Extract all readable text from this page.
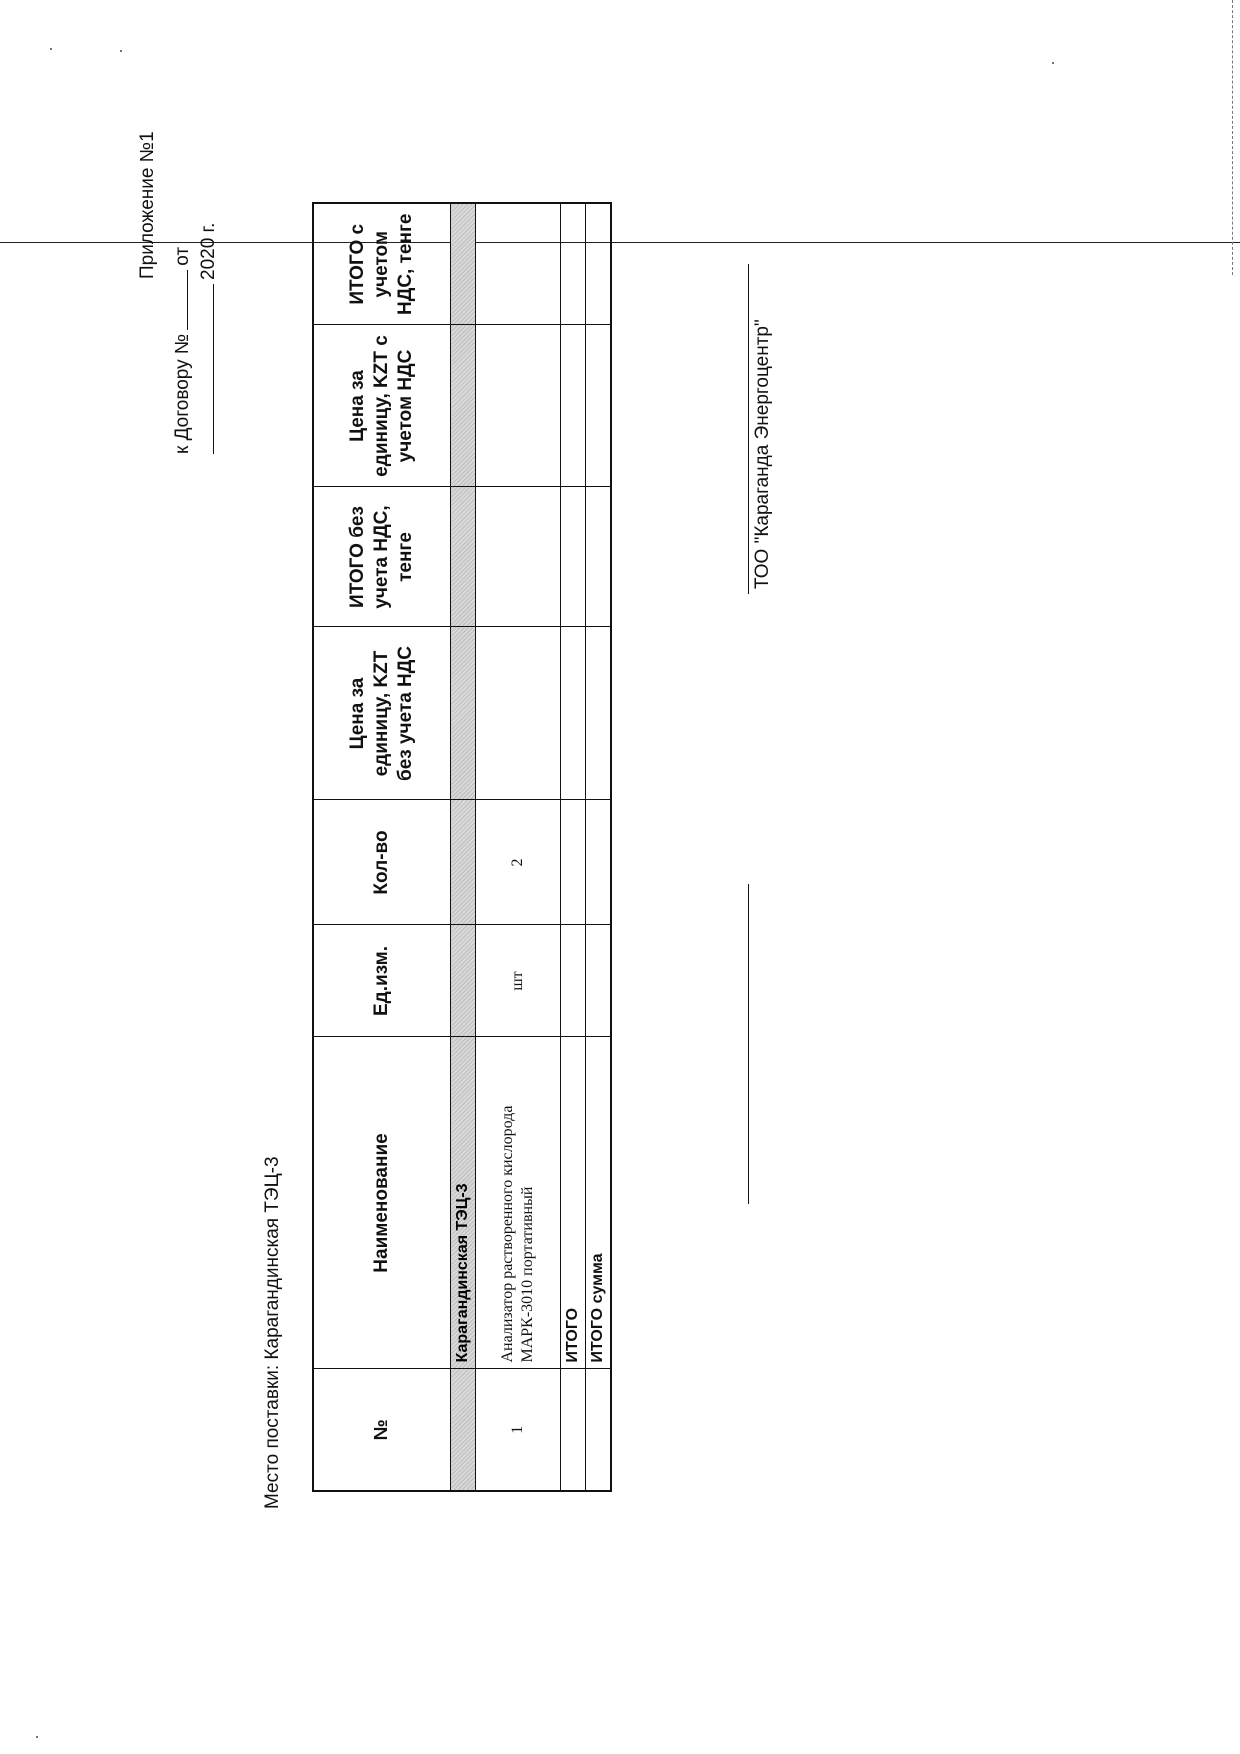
Место поставки: Карагандинская ТЭЦ-3
Приложение №1
к Договору №
от 2020 г.
№	Наименование	Ед.изм.	Кол-во	Цена за единицу, KZT без учета НДС	ИТОГО без учета НДС, тенге	Цена за единицу, KZT с учетом НДС	ИТОГО с учетом НДС, тенге
	Карагандинская ТЭЦ-3						
1	Анализатор растворенного кислорода МАРК-3010 портативный	шт	2				
	ИТОГО						
	ИТОГО сумма						
ТОО "Караганда Энергоцентр"
